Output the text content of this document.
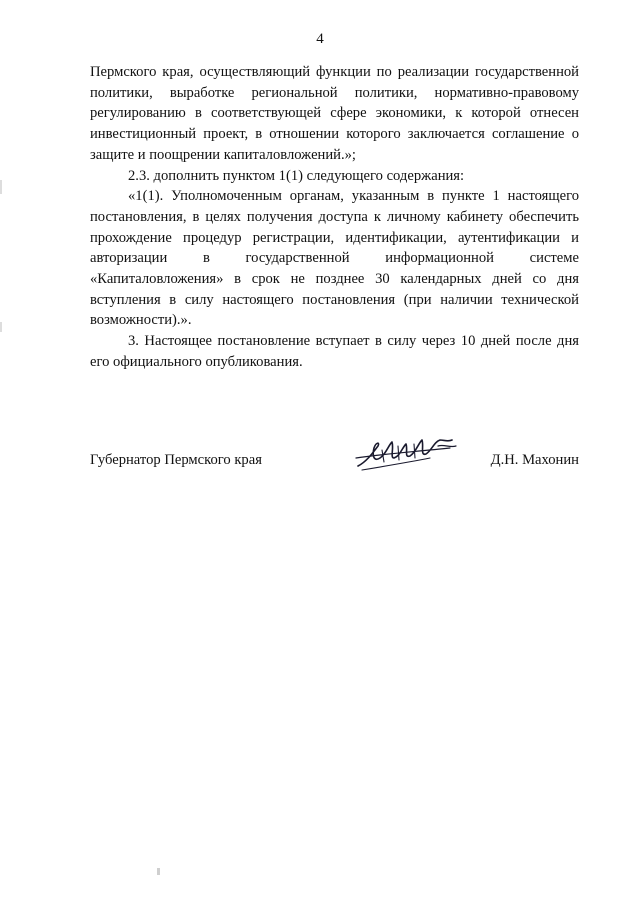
4

Пермского края, осуществляющий функции по реализации государственной политики, выработке региональной политики, нормативно-правовому регулированию в соответствующей сфере экономики, к которой отнесен инвестиционный проект, в отношении которого заключается соглашение о защите и поощрении капиталовложений.»;

2.3. дополнить пунктом 1(1) следующего содержания:

«1(1). Уполномоченным органам, указанным в пункте 1 настоящего постановления, в целях получения доступа к личному кабинету обеспечить прохождение процедур регистрации, идентификации, аутентификации и авторизации в государственной информационной системе «Капиталовложения» в срок не позднее 30 календарных дней со дня вступления в силу настоящего постановления (при наличии технической возможности).».

3. Настоящее постановление вступает в силу через 10 дней после дня его официального опубликования.

Губернатор Пермского края	Д.Н. Махонин
